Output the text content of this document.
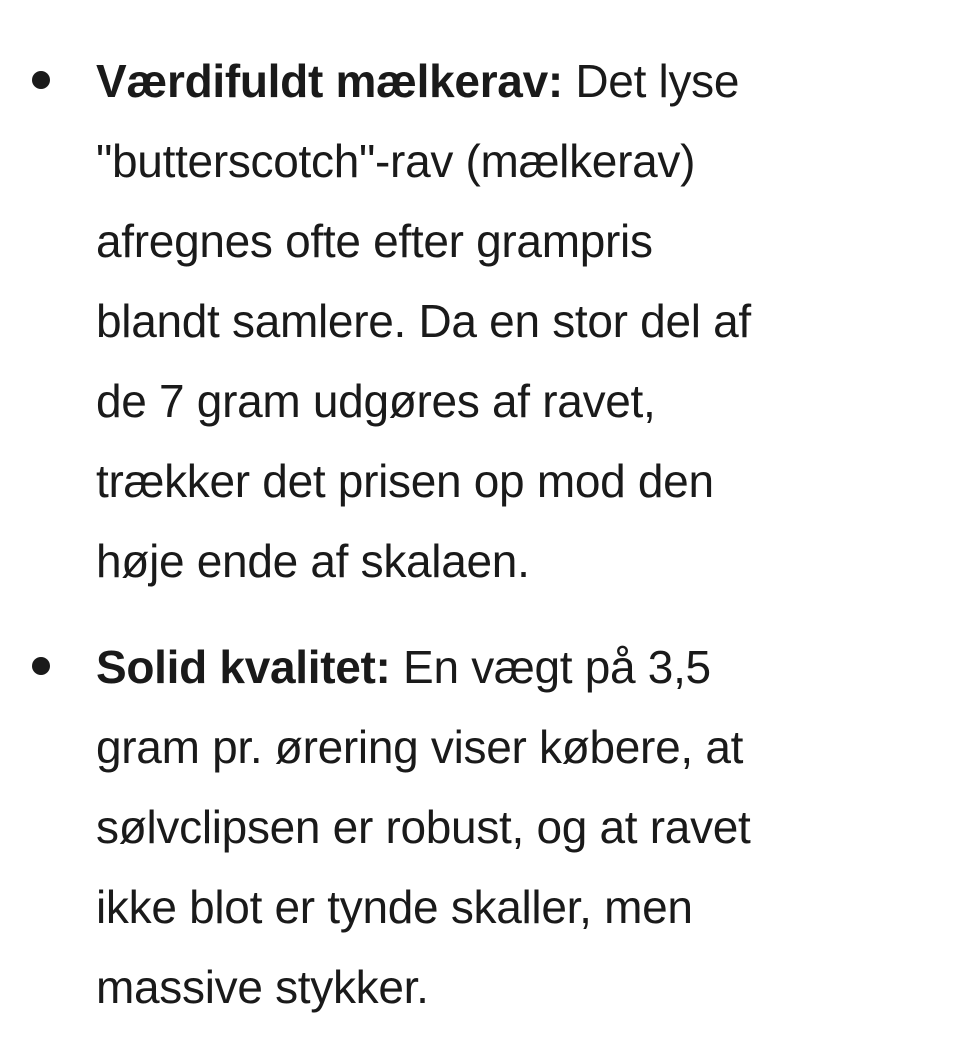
Værdifuldt mælkerav: Det lyse
"butterscotch"-rav (mælkerav)
afregnes ofte efter grampris
blandt samlere. Da en stor del af
de 7 gram udgøres af ravet,
trækker det prisen op mod den
høje ende af skalaen.
Solid kvalitet: En vægt på 3,5
gram pr. ørering viser købere, at
sølvclipsen er robust, og at ravet
ikke blot er tynde skaller, men
massive stykker.
